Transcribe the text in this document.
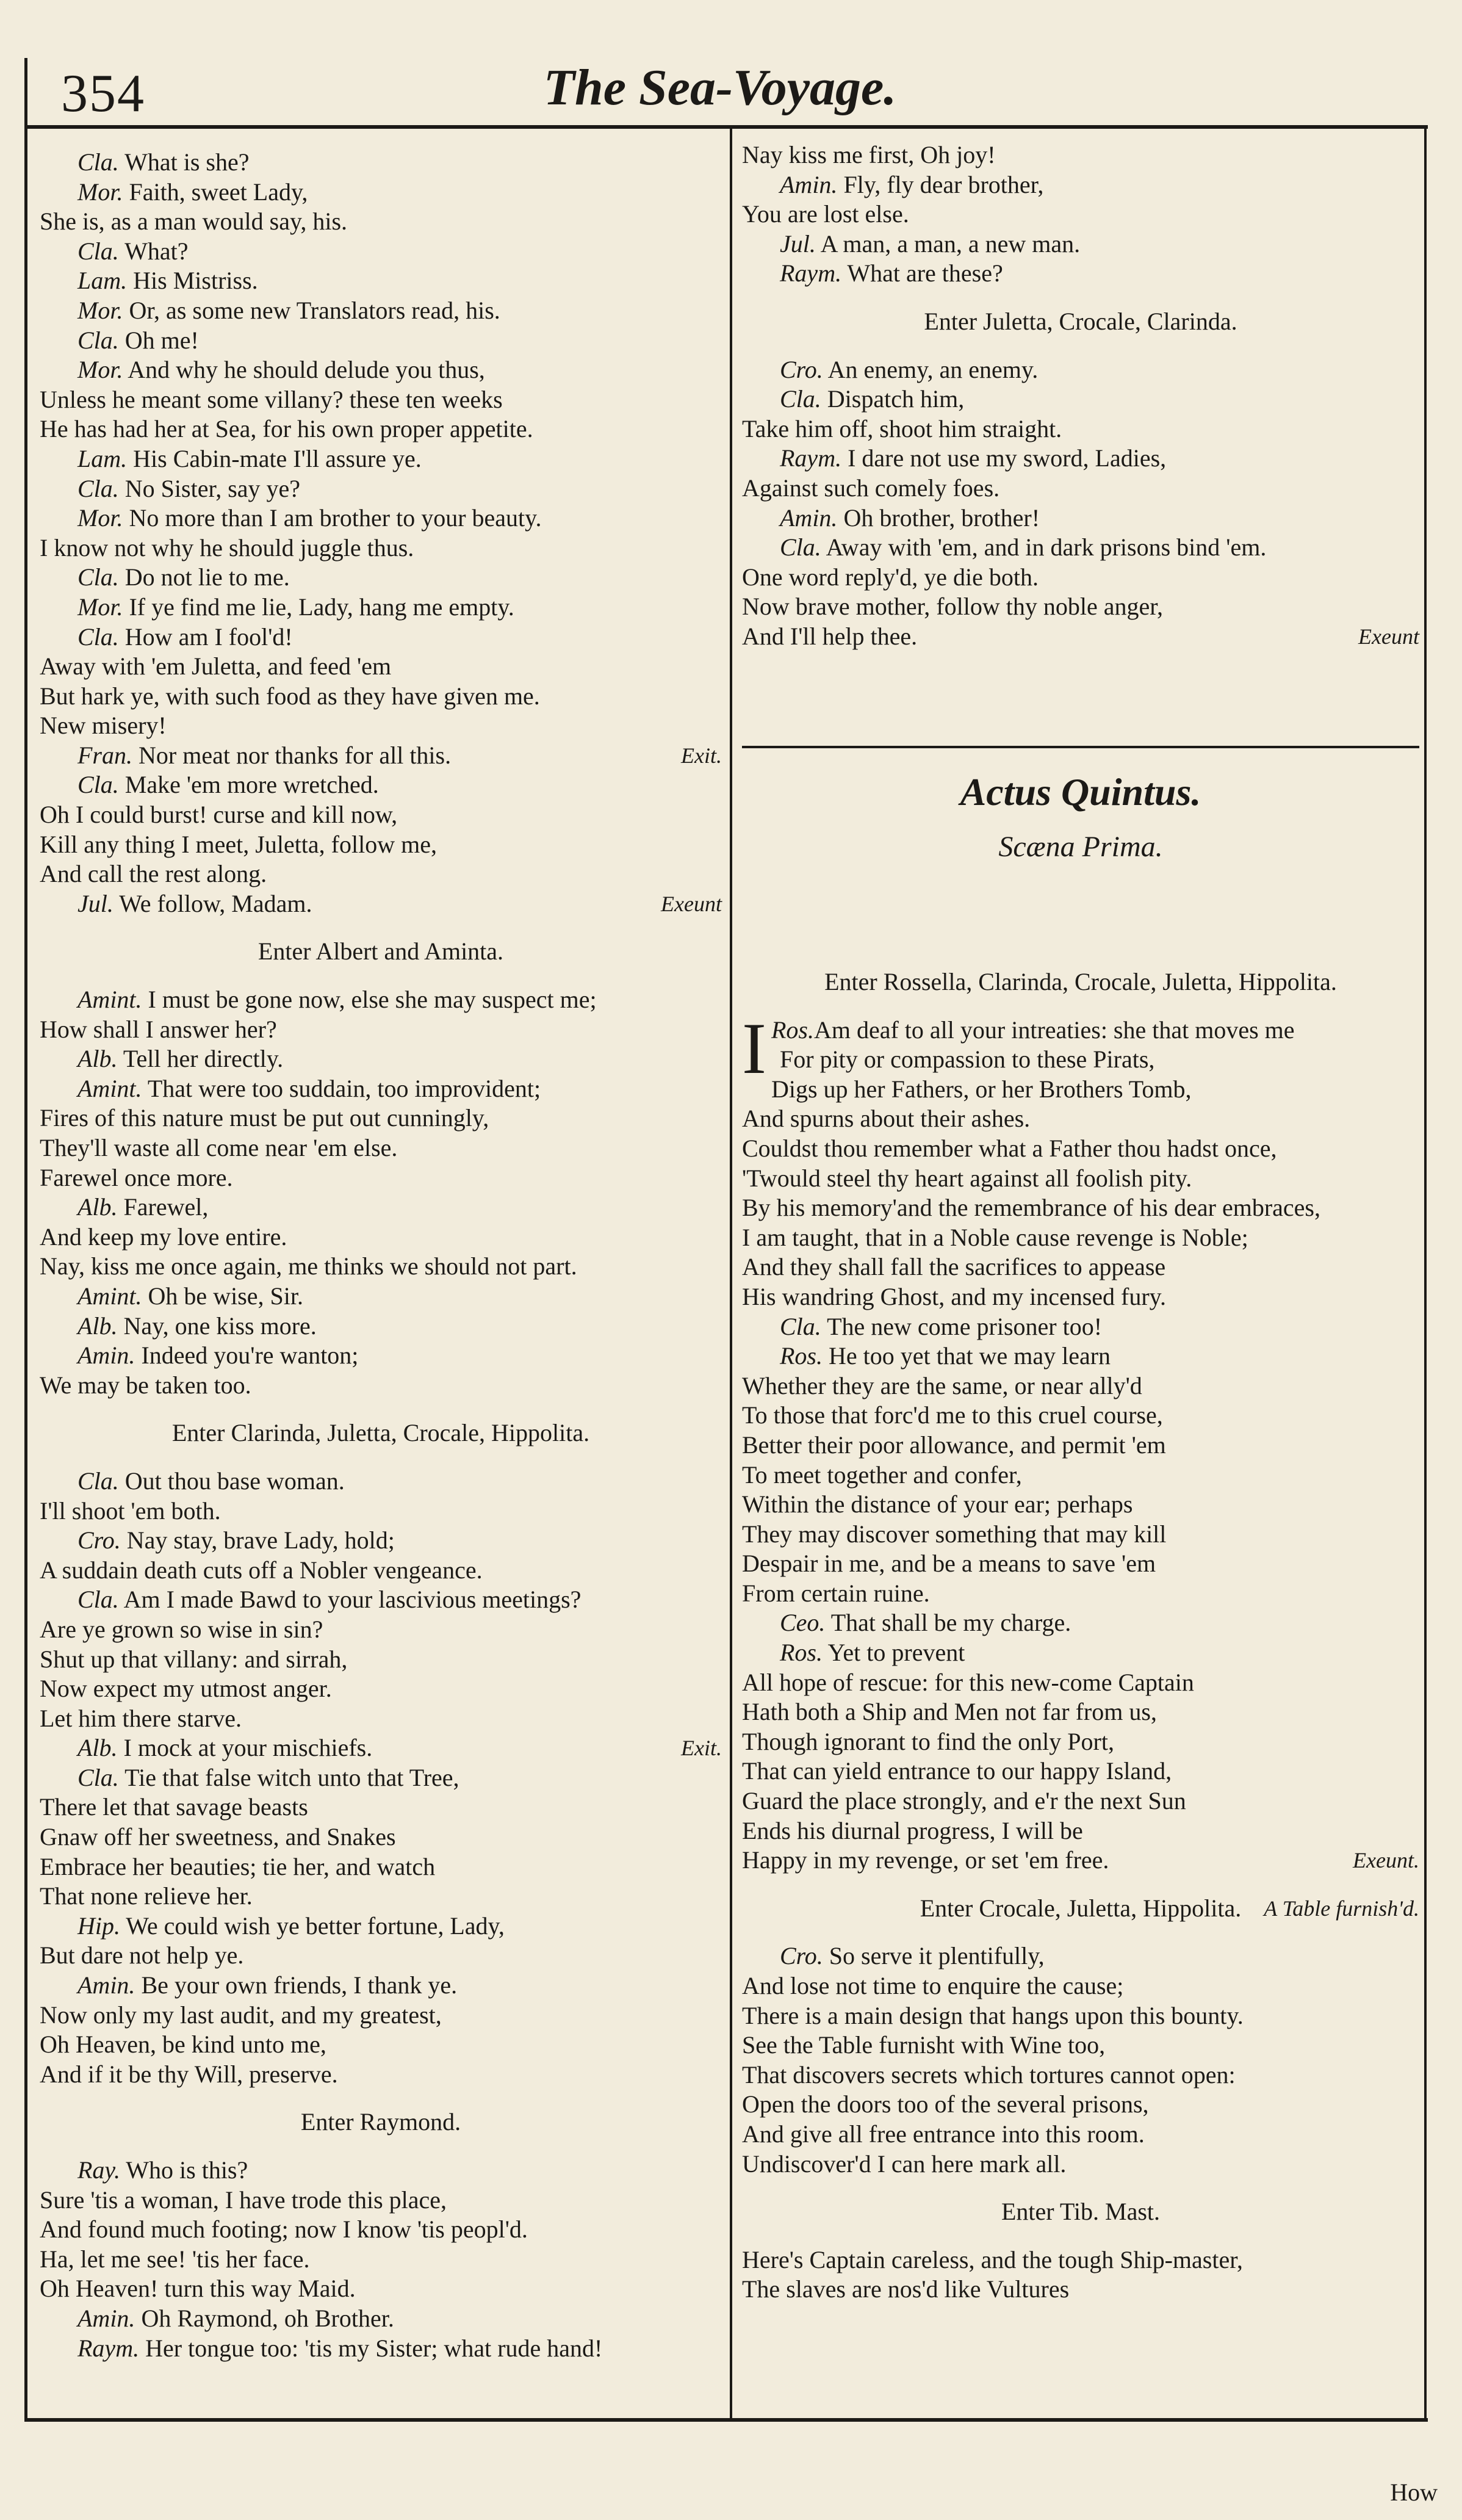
354	The Sea-Voyage.
Cla. What is she?
Mor. Faith, sweet Lady,
She is, as a man would say, his.
Cla. What?
Lam. His Mistriss.
Mor. Or, as some new Translators read, his.
Cla. Oh me!
Mor. And why he should delude you thus,
Unless he meant some villany? these ten weeks
He has had her at Sea, for his own proper appetite.
Lam. His Cabin-mate I'll assure ye.
Cla. No Sister, say ye?
Mor. No more than I am brother to your beauty.
I know not why he should juggle thus.
Cla. Do not lie to me.
Mor. If ye find me lie, Lady, hang me empty.
Cla. How am I fool'd!
Away with 'em Juletta, and feed 'em
But hark ye, with such food as they have given me.
New misery!
Fran. Nor meat nor thanks for all this.	Exit.
Cla. Make 'em more wretched.
Oh I could burst! curse and kill now,
Kill any thing I meet, Juletta, follow me,
And call the rest along.
Jul. We follow, Madam.	Exeunt
Enter Albert and Aminta.
Amint. I must be gone now, else she may suspect me;
How shall I answer her?
Alb. Tell her directly.
Amint. That were too suddain, too improvident;
Fires of this nature must be put out cunningly,
They'll waste all come near 'em else.
Farewel once more.
Alb. Farewel,
And keep my love entire.
Nay, kiss me once again, me thinks we should not part.
Amint. Oh be wise, Sir.
Alb. Nay, one kiss more.
Amin. Indeed you're wanton;
We may be taken too.
Enter Clarinda, Juletta, Crocale, Hippolita.
Cla. Out thou base woman.
I'll shoot 'em both.
Cro. Nay stay, brave Lady, hold;
A suddain death cuts off a Nobler vengeance.
Cla. Am I made Bawd to your lascivious meetings?
Are ye grown so wise in sin?
Shut up that villany: and sirrah,
Now expect my utmost anger.
Let him there starve.
Alb. I mock at your mischiefs.	Exit.
Cla. Tie that false witch unto that Tree,
There let that savage beasts
Gnaw off her sweetness, and Snakes
Embrace her beauties; tie her, and watch
That none relieve her.
Hip. We could wish ye better fortune, Lady,
But dare not help ye.
Amin. Be your own friends, I thank ye.
Now only my last audit, and my greatest,
Oh Heaven, be kind unto me,
And if it be thy Will, preserve.
Enter Raymond.
Ray. Who is this?
Sure 'tis a woman, I have trode this place,
And found much footing; now I know 'tis peopl'd.
Ha, let me see! 'tis her face.
Oh Heaven! turn this way Maid.
Amin. Oh Raymond, oh Brother.
Raym. Her tongue too: 'tis my Sister; what rude hand!
Nay kiss me first, Oh joy!
Amin. Fly, fly dear brother,
You are lost else.
Jul. A man, a man, a new man.
Raym. What are these?
Enter Juletta, Crocale, Clarinda.
Cro. An enemy, an enemy.
Cla. Dispatch him,
Take him off, shoot him straight.
Raym. I dare not use my sword, Ladies,
Against such comely foes.
Amin. Oh brother, brother!
Cla. Away with 'em, and in dark prisons bind 'em.
One word reply'd, ye die both.
Now brave mother, follow thy noble anger,
And I'll help thee.	Exeunt
Actus Quintus.
Scæna Prima.
Enter Rossella, Clarinda, Crocale, Juletta, Hippolita.
Ros.
I Am deaf to all your intreaties: she that moves me
For pity or compassion to these Pirats,
Digs up her Fathers, or her Brothers Tomb,
And spurns about their ashes.
Couldst thou remember what a Father thou hadst once,
'Twould steel thy heart against all foolish pity.
By his memory'and the remembrance of his dear embraces,
I am taught, that in a Noble cause revenge is Noble;
And they shall fall the sacrifices to appease
His wandring Ghost, and my incensed fury.
Cla. The new come prisoner too!
Ros. He too yet that we may learn
Whether they are the same, or near ally'd
To those that forc'd me to this cruel course,
Better their poor allowance, and permit 'em
To meet together and confer,
Within the distance of your ear; perhaps
They may discover something that may kill
Despair in me, and be a means to save 'em
From certain ruine.
Ceo. That shall be my charge.
Ros. Yet to prevent
All hope of rescue: for this new-come Captain
Hath both a Ship and Men not far from us,
Though ignorant to find the only Port,
That can yield entrance to our happy Island,
Guard the place strongly, and e'r the next Sun
Ends his diurnal progress, I will be
Happy in my revenge, or set 'em free.	Exeunt.
Enter Crocale, Juletta, Hippolita. A Table furnish'd.
Cro. So serve it plentifully,
And lose not time to enquire the cause;
There is a main design that hangs upon this bounty.
See the Table furnisht with Wine too,
That discovers secrets which tortures cannot open:
Open the doors too of the several prisons,
And give all free entrance into this room.
Undiscover'd I can here mark all.
Enter Tib. Mast.
Here's Captain careless, and the tough Ship-master,
The slaves are nos'd like Vultures
How
